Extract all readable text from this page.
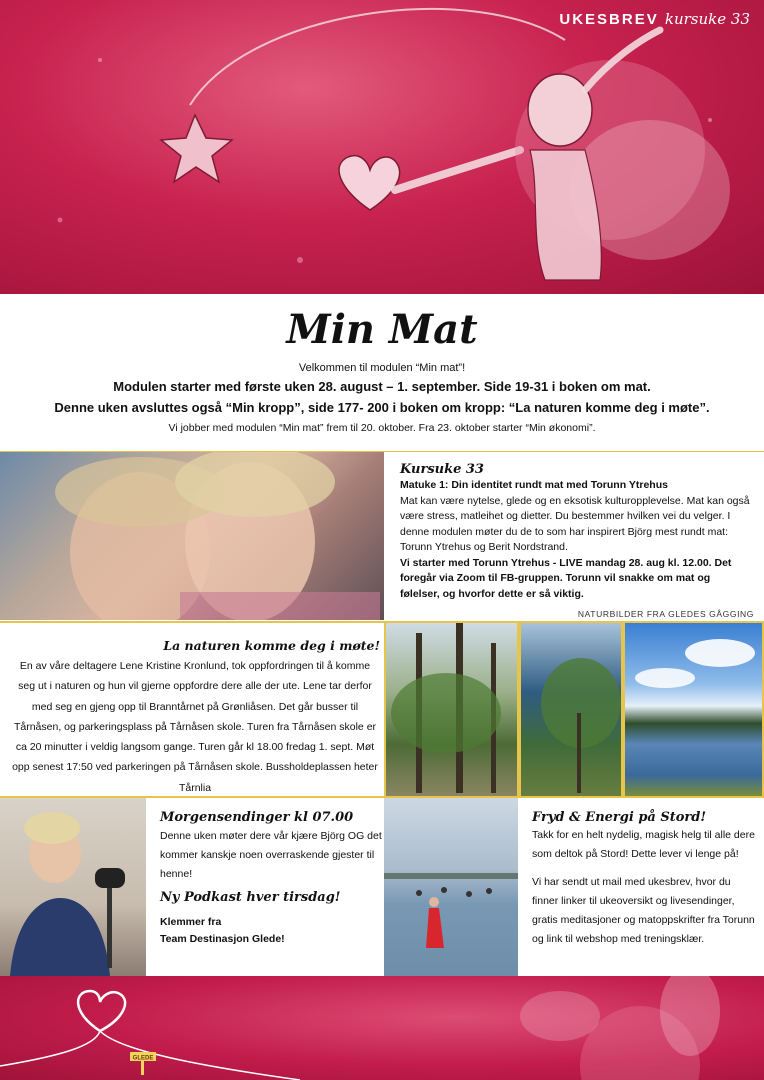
UKESBREV kursuke 33
Min Mat
Velkommen til modulen “Min mat”!
Modulen starter med første uken 28. august – 1. september. Side 19-31 i boken om mat.
Denne uken avsluttes også “Min kropp”, side 177- 200 i boken om kropp: “La naturen komme deg i møte”.
Vi jobber med modulen “Min mat” frem til 20. oktober. Fra 23. oktober starter “Min økonomi”.
Kursuke 33
Matuke 1: Din identitet rundt mat med Torunn Ytrehus
Mat kan være nytelse, glede og en eksotisk kulturopplevelse. Mat kan også være stress, matleihet og dietter. Du bestemmer hvilken vei du velger. I denne modulen møter du de to som har inspirert Björg mest rundt mat: Torunn Ytrehus og Berit Nordstrand.
Vi starter med Torunn Ytrehus - LIVE mandag 28. aug kl. 12.00. Det foregår via Zoom til FB-gruppen. Torunn vil snakke om mat og følelser, og hvorfor dette er så viktig.
NATURBILDER FRA GLEDES GÅGGING
La naturen komme deg i møte!
En av våre deltagere Lene Kristine Kronlund, tok oppfordringen til å komme seg ut i naturen og hun vil gjerne oppfordre dere alle der ute. Lene tar derfor med seg en gjeng opp til Branntårnet på Grønliåsen. Det går busser til Tårnåsen, og parkeringsplass på Tårnåsen skole. Turen fra Tårnåsen skole er ca 20 minutter i veldig langsom gange. Turen går kl 18.00 fredag 1. sept. Møt opp senest 17:50 ved parkeringen på Tårnåsen skole. Bussholdeplassen heter Tårnlia
Morgensendinger kl 07.00
Denne uken møter dere vår kjære Björg OG det kommer kanskje noen overraskende gjester til henne!
Ny Podkast hver tirsdag!
Klemmer fra
Team Destinasjon Glede!
Fryd & Energi på Stord!

Takk for en helt nydelig, magisk helg til alle dere som deltok på Stord! Dette lever vi lenge på!

Vi har sendt ut mail med ukesbrev, hvor du finner linker til ukeoversikt og livesendinger, gratis meditasjoner og matoppskrifter fra Torunn og link til webshop med treningsklær.

GLEDE
